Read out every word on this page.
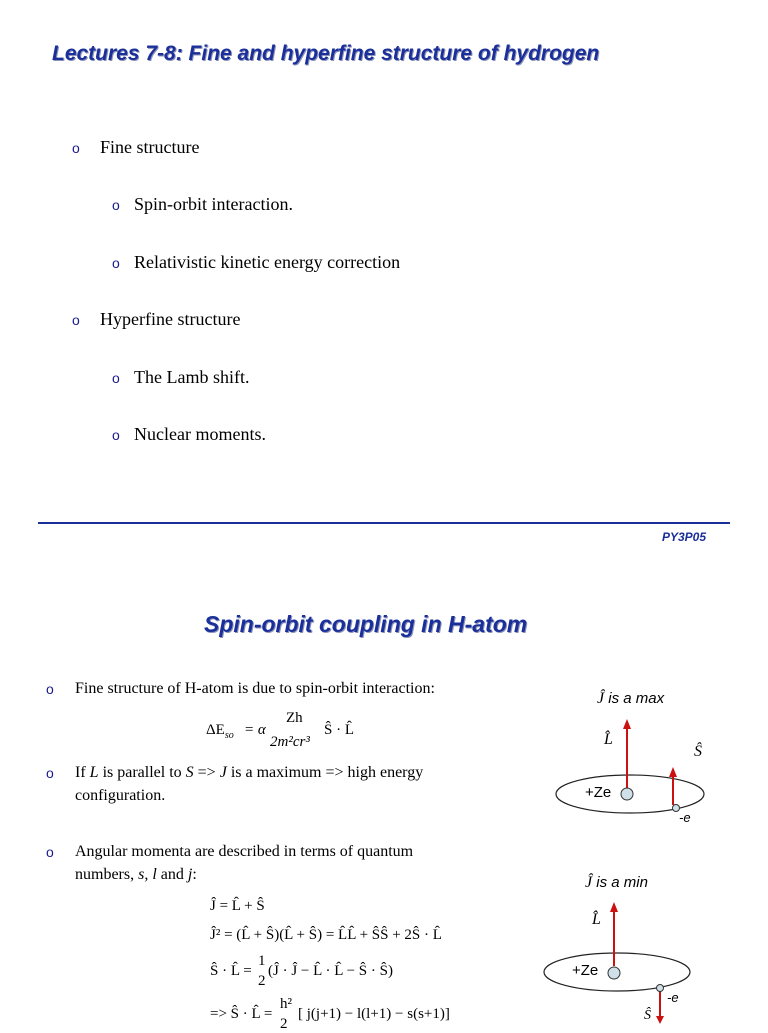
Lectures 7-8: Fine and hyperfine structure of hydrogen
o Fine structure
o Spin-orbit interaction.
o Relativistic kinetic energy correction
o Hyperfine structure
o The Lamb shift.
o Nuclear moments.
PY3P05
Spin-orbit coupling in H-atom
o Fine structure of H-atom is due to spin-orbit interaction:
$\Delta E_{so} = \alpha$
Zh
2m²cr³
Ŝ · L̂
o If L is parallel to S => J is a maximum => high energy
configuration.
o Angular momenta are described in terms of quantum
numbers, s, l and j:
Ĵ = L̂ + Ŝ
Ĵ² = (L̂ + Ŝ)(L̂ + Ŝ) = L̂L̂ + ŜŜ + 2Ŝ · L̂
Ŝ · L̂ =
1
2
(Ĵ · Ĵ − L̂ · L̂ − Ŝ · Ŝ)
=> Ŝ · L̂ =
h²
2
[ j(j+1) − l(l+1) − s(s+1)]
Ĵ is a max
L̂
Ŝ
+Ze
-e
Ĵ is a min
L̂
+Ze
-e
Ŝ
